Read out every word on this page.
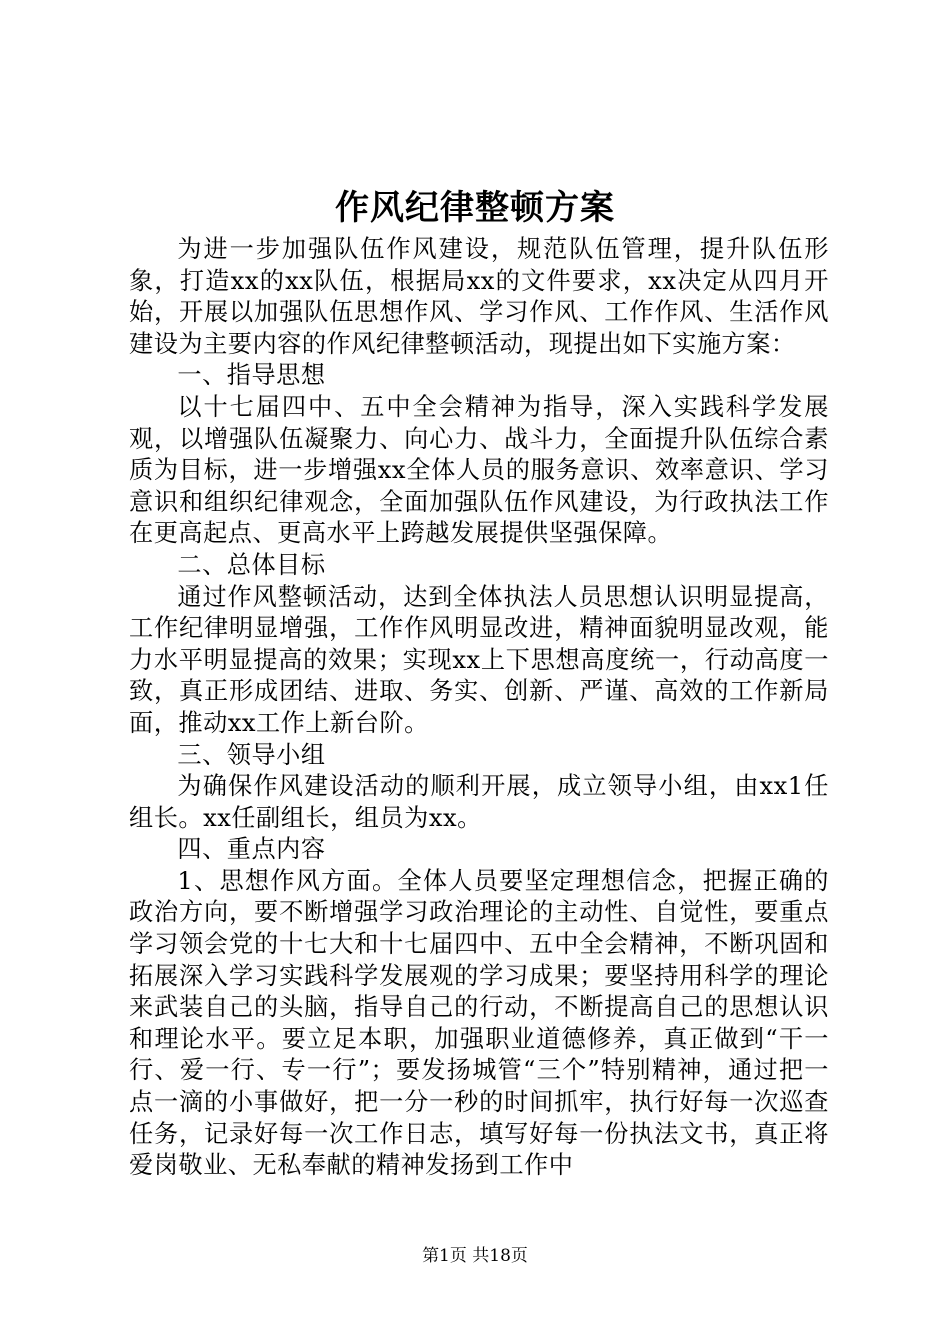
作风纪律整顿方案

为进一步加强队伍作风建设，规范队伍管理，提升队伍形象，打造xx的xx队伍，根据局xx的文件要求，xx决定从四月开始，开展以加强队伍思想作风、学习作风、工作作风、生活作风建设为主要内容的作风纪律整顿活动，现提出如下实施方案：

一、指导思想

以十七届四中、五中全会精神为指导，深入实践科学发展观，以增强队伍凝聚力、向心力、战斗力，全面提升队伍综合素质为目标，进一步增强xx全体人员的服务意识、效率意识、学习意识和组织纪律观念，全面加强队伍作风建设，为行政执法工作在更高起点、更高水平上跨越发展提供坚强保障。

二、总体目标

通过作风整顿活动，达到全体执法人员思想认识明显提高，工作纪律明显增强，工作作风明显改进，精神面貌明显改观，能力水平明显提高的效果；实现xx上下思想高度统一，行动高度一致，真正形成团结、进取、务实、创新、严谨、高效的工作新局面，推动xx工作上新台阶。

三、领导小组

为确保作风建设活动的顺利开展，成立领导小组，由xx1任组长。xx任副组长，组员为xx。

四、重点内容

1、思想作风方面。全体人员要坚定理想信念，把握正确的政治方向，要不断增强学习政治理论的主动性、自觉性，要重点学习领会党的十七大和十七届四中、五中全会精神，不断巩固和拓展深入学习实践科学发展观的学习成果；要坚持用科学的理论来武装自己的头脑，指导自己的行动，不断提高自己的思想认识和理论水平。要立足本职，加强职业道德修养，真正做到“干一行、爱一行、专一行”；要发扬城管“三个”特别精神，通过把一点一滴的小事做好，把一分一秒的时间抓牢，执行好每一次巡查任务，记录好每一次工作日志，填写好每一份执法文书，真正将爱岗敬业、无私奉献的精神发扬到工作中

第1页 共18页
